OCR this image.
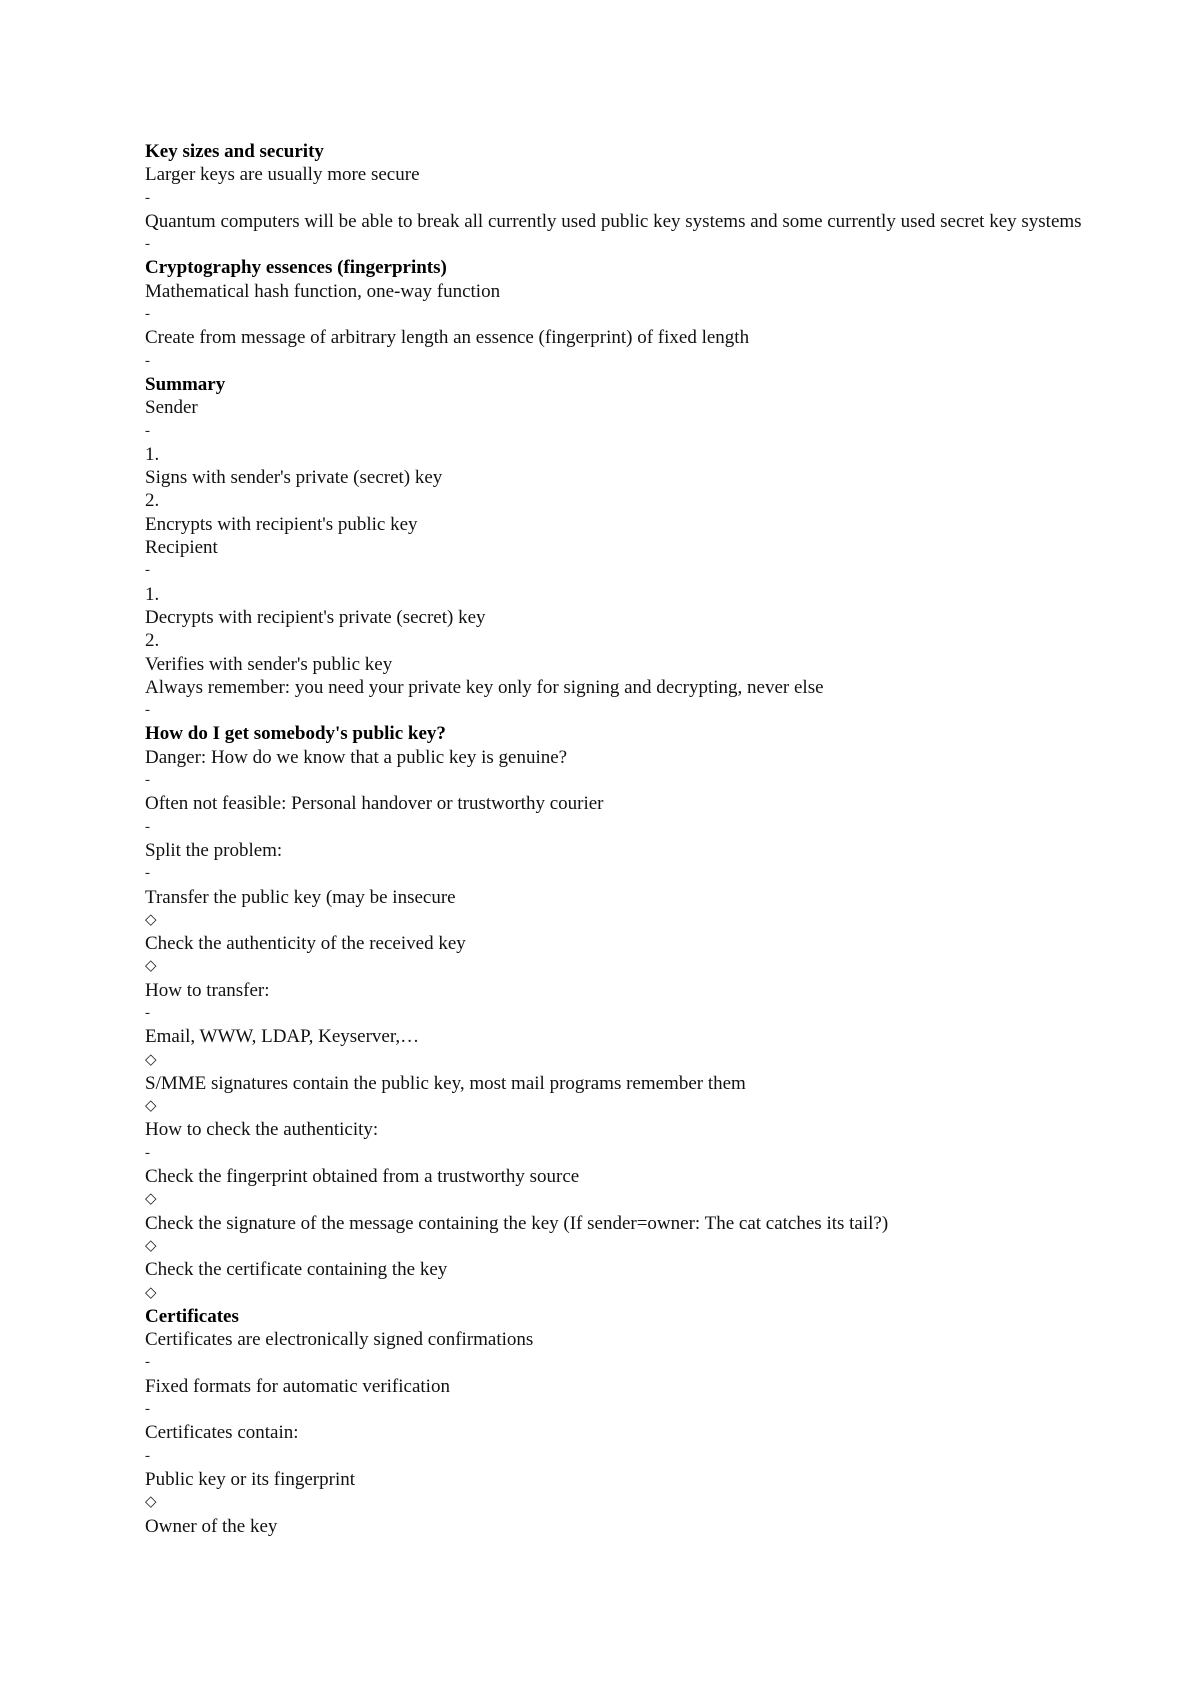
Key sizes and security
Larger keys are usually more secure
-
Quantum computers will be able to break all currently used public key systems and some currently used secret key systems
-
Cryptography essences (fingerprints)
Mathematical hash function, one-way function
-
Create from message of arbitrary length an essence (fingerprint) of fixed length
-
Summary
Sender
-
1.
Signs with sender's private (secret) key
2.
Encrypts with recipient's public key
Recipient
-
1.
Decrypts with recipient's private (secret) key
2.
Verifies with sender's public key
Always remember: you need your private key only for signing and decrypting, never else
-
How do I get somebody's public key?
Danger: How do we know that a public key is genuine?
-
Often not feasible: Personal handover or trustworthy courier
-
Split the problem:
-
Transfer the public key (may be insecure
◇
Check the authenticity of the received key
◇
How to transfer:
-
Email, WWW, LDAP, Keyserver,…
◇
S/MME signatures contain the public key, most mail programs remember them
◇
How to check the authenticity:
-
Check the fingerprint obtained from a trustworthy source
◇
Check the signature of the message containing the key (If sender=owner: The cat catches its tail?)
◇
Check the certificate containing the key
◇
Certificates
Certificates are electronically signed confirmations
-
Fixed formats for automatic verification
-
Certificates contain:
-
Public key or its fingerprint
◇
Owner of the key
